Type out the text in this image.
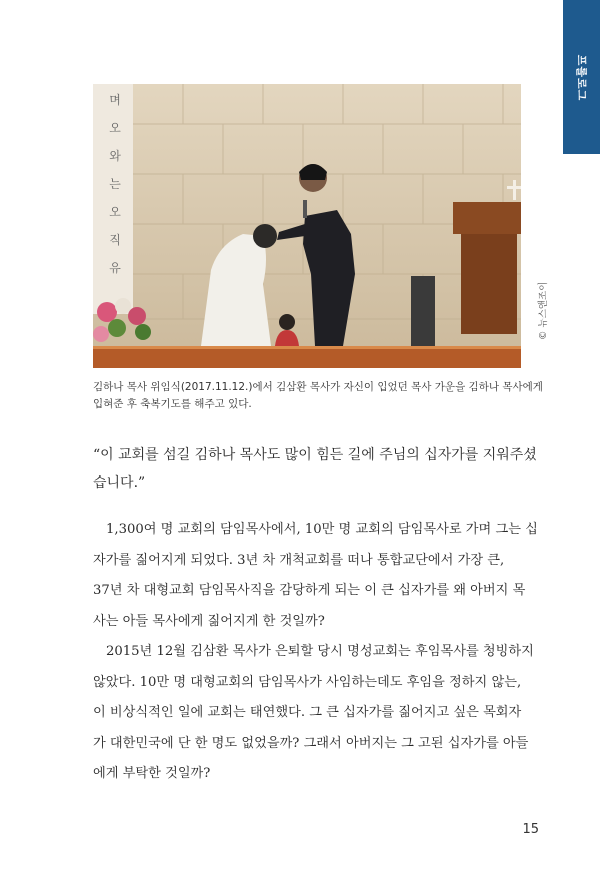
프롤로그
며
오
와
는
오
직
유
© 뉴스앤조이
김하나 목사 위임식(2017.11.12.)에서 김삼환 목사가 자신이 입었던 목사 가운을 김하나 목사에게
입혀준 후 축복기도를 해주고 있다.
“이 교회를 섬길 김하나 목사도 많이 힘든 길에 주님의 십자가를 지워주셨
습니다.”
1,300여 명 교회의 담임목사에서, 10만 명 교회의 담임목사로 가며 그는 십
자가를 짊어지게 되었다. 3년 차 개척교회를 떠나 통합교단에서 가장 큰,
37년 차 대형교회 담임목사직을 감당하게 되는 이 큰 십자가를 왜 아버지 목
사는 아들 목사에게 짊어지게 한 것일까?
2015년 12월 김삼환 목사가 은퇴할 당시 명성교회는 후임목사를 청빙하지
않았다. 10만 명 대형교회의 담임목사가 사임하는데도 후임을 정하지 않는,
이 비상식적인 일에 교회는 태연했다. 그 큰 십자가를 짊어지고 싶은 목회자
가 대한민국에 단 한 명도 없었을까? 그래서 아버지는 그 고된 십자가를 아들
에게 부탁한 것일까?
15
